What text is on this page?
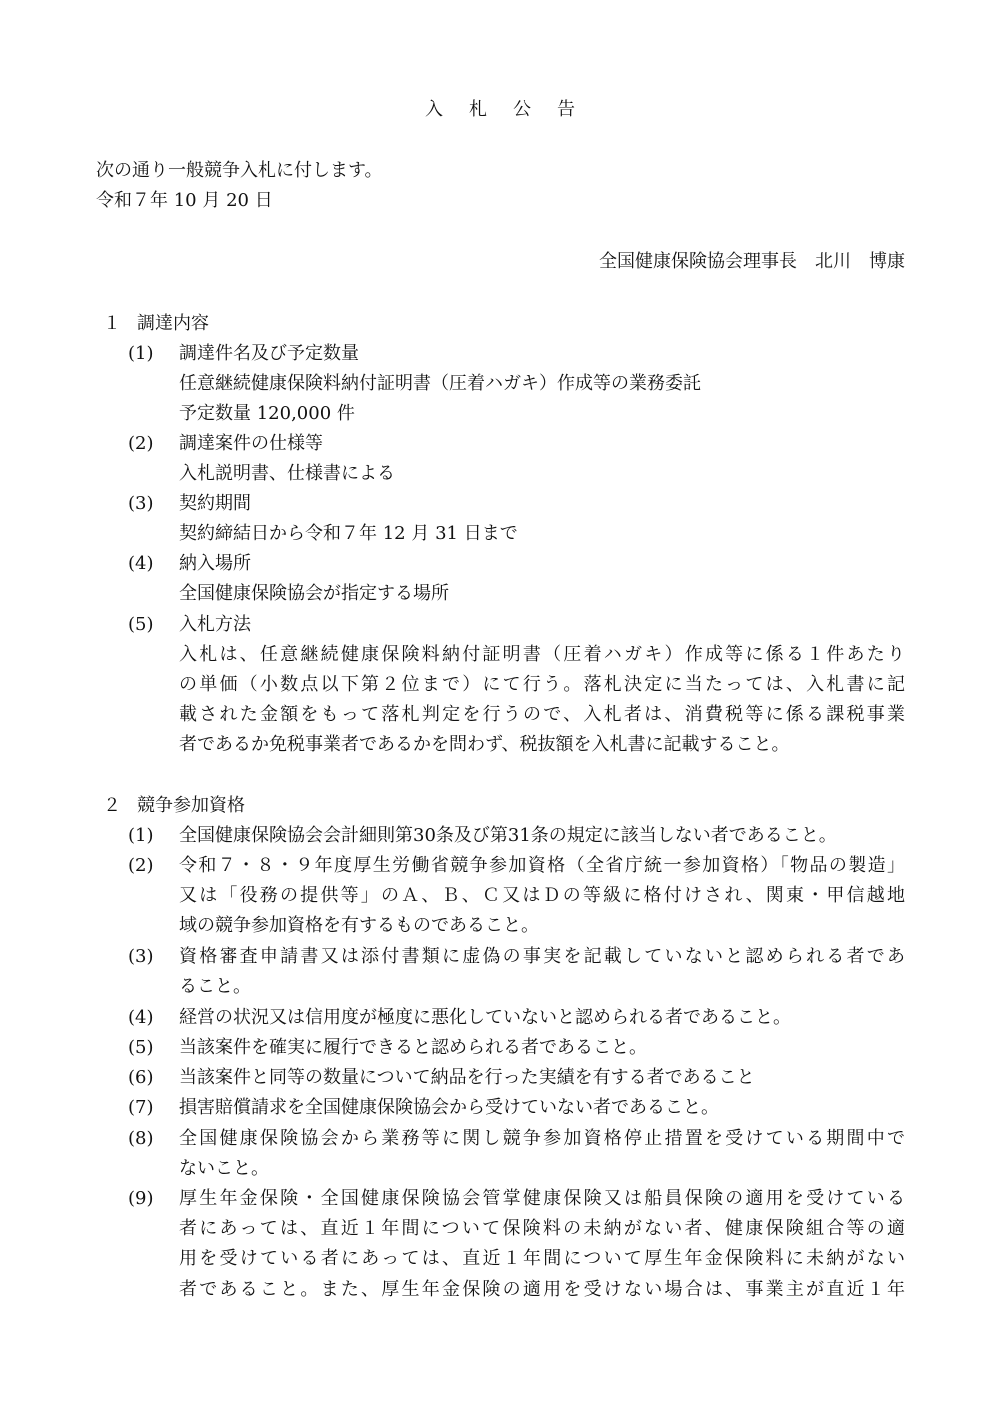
入 札 公 告
次の通り一般競争入札に付します。
令和７年 10 月 20 日
全国健康保険協会理事長　北川　博康
１ 調達内容
(1) 調達件名及び予定数量
任意継続健康保険料納付証明書（圧着ハガキ）作成等の業務委託
予定数量 120,000 件
(2) 調達案件の仕様等
入札説明書、仕様書による
(3) 契約期間
契約締結日から令和７年 12 月 31 日まで
(4) 納入場所
全国健康保険協会が指定する場所
(5) 入札方法
入札は、任意継続健康保険料納付証明書（圧着ハガキ）作成等に係る１件あたり
の単価（小数点以下第２位まで）にて行う。落札決定に当たっては、入札書に記
載された金額をもって落札判定を行うので、入札者は、消費税等に係る課税事業
者であるか免税事業者であるかを問わず、税抜額を入札書に記載すること。
２ 競争参加資格
(1) 全国健康保険協会会計細則第30条及び第31条の規定に該当しない者であること。
(2) 令和７・８・９年度厚生労働省競争参加資格（全省庁統一参加資格）「物品の製造」
又は「役務の提供等」のＡ、Ｂ、Ｃ又はＤの等級に格付けされ、関東・甲信越地
域の競争参加資格を有するものであること。
(3) 資格審査申請書又は添付書類に虚偽の事実を記載していないと認められる者であ
ること。
(4) 経営の状況又は信用度が極度に悪化していないと認められる者であること。
(5) 当該案件を確実に履行できると認められる者であること。
(6) 当該案件と同等の数量について納品を行った実績を有する者であること
(7) 損害賠償請求を全国健康保険協会から受けていない者であること。
(8) 全国健康保険協会から業務等に関し競争参加資格停止措置を受けている期間中で
ないこと。
(9) 厚生年金保険・全国健康保険協会管掌健康保険又は船員保険の適用を受けている
者にあっては、直近１年間について保険料の未納がない者、健康保険組合等の適
用を受けている者にあっては、直近１年間について厚生年金保険料に未納がない
者であること。また、厚生年金保険の適用を受けない場合は、事業主が直近１年
